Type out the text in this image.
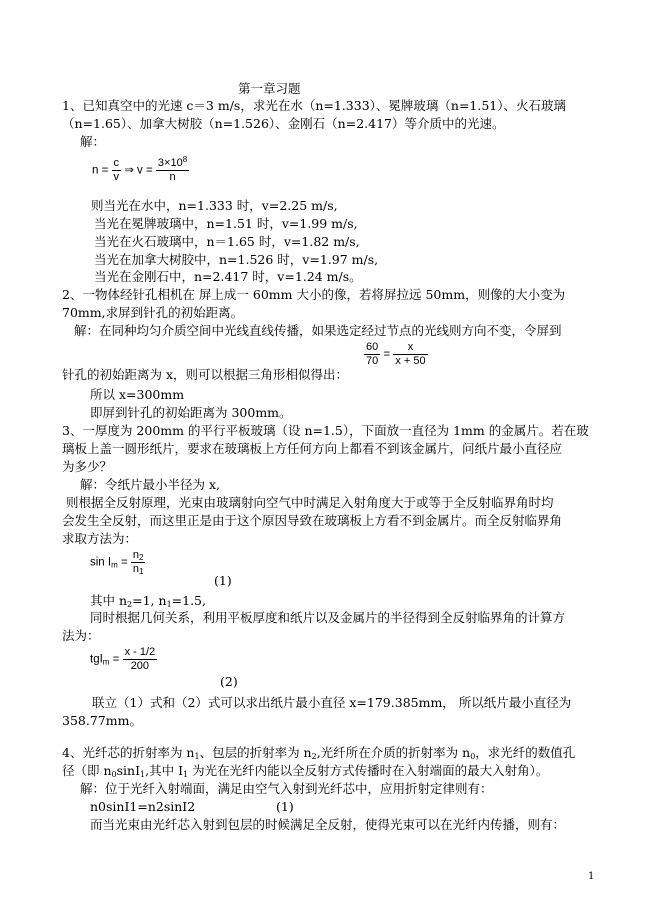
第一章习题
1、已知真空中的光速 c＝3 m/s，求光在水（n=1.333）、冕牌玻璃（n=1.51）、火石玻璃
（n=1.65）、加拿大树胶（n=1.526）、金刚石（n=2.417）等介质中的光速。
解：
$n = \frac{c}{v}$ ⇒ $v = \frac{3\times 10^8}{n}$
则当光在水中，n=1.333 时，v=2.25 m/s,
当光在冕牌玻璃中，n=1.51 时，v=1.99 m/s,
当光在火石玻璃中，n＝1.65 时，v=1.82 m/s,
当光在加拿大树胶中，n=1.526 时，v=1.97 m/s,
当光在金刚石中，n=2.417 时，v=1.24 m/s。
2、一物体经针孔相机在 屏上成一 60mm 大小的像，若将屏拉远 50mm，则像的大小变为
70mm,求屏到针孔的初始距离。
解：在同种均匀介质空间中光线直线传播，如果选定经过节点的光线则方向不变，令屏到
$\frac{60}{70} = \frac{x}{x + 50}$
针孔的初始距离为 x，则可以根据三角形相似得出：
所以 x=300mm
即屏到针孔的初始距离为 300mm。
3、一厚度为 200mm 的平行平板玻璃（设 n=1.5），下面放一直径为 1mm 的金属片。若在玻
璃板上盖一圆形纸片，要求在玻璃板上方任何方向上都看不到该金属片，问纸片最小直径应
为多少？
解：令纸片最小半径为 x,
则根据全反射原理，光束由玻璃射向空气中时满足入射角度大于或等于全反射临界角时均
会发生全反射，而这里正是由于这个原因导致在玻璃板上方看不到金属片。而全反射临界角
求取方法为：
$\sin I_m = \frac{n_2}{n_1}$
(1)
其中 $n_2=1$, $n_1=1.5$,
同时根据几何关系，利用平板厚度和纸片以及金属片的半径得到全反射临界角的计算方
法为：
$tgI_m = \frac{x - 1/2}{200}$
(2)
联立（1）式和（2）式可以求出纸片最小直径 x=179.385mm， 所以纸片最小直径为
358.77mm。
4、光纤芯的折射率为 $n_1$、包层的折射率为 $n_2$,光纤所在介质的折射率为 $n_0$，求光纤的数值孔
径（即 $n_0\sin I_1$,其中 $I_1$ 为光在光纤内能以全反射方式传播时在入射端面的最大入射角）。
解：位于光纤入射端面，满足由空气入射到光纤芯中，应用折射定律则有：
n0sinI1=n2sinI2	(1)
而当光束由光纤芯入射到包层的时候满足全反射，使得光束可以在光纤内传播，则有：
1
